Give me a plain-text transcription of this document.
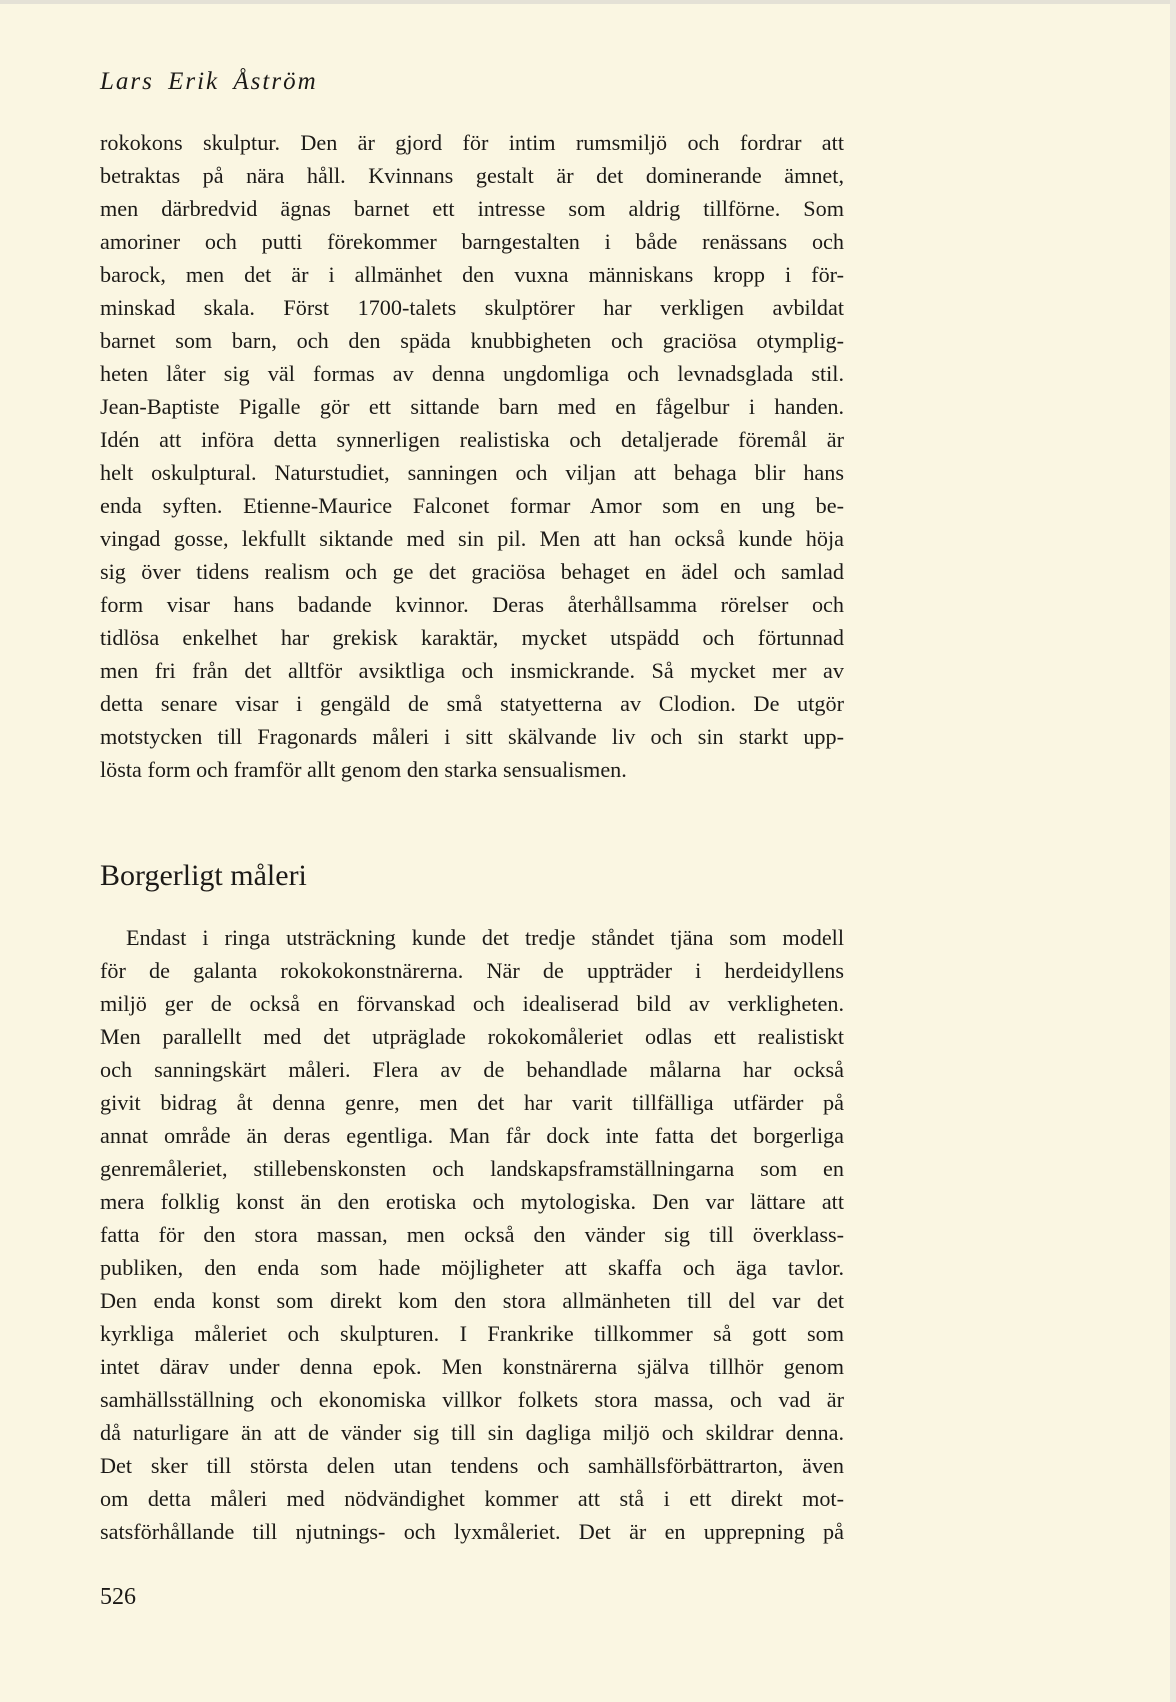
Lars Erik Åström
rokokons skulptur. Den är gjord för intim rumsmiljö och fordrar att
betraktas på nära håll. Kvinnans gestalt är det dominerande ämnet,
men därbredvid ägnas barnet ett intresse som aldrig tillförne. Som
amoriner och putti förekommer barngestalten i både renässans och
barock, men det är i allmänhet den vuxna människans kropp i för-
minskad skala. Först 1700-talets skulptörer har verkligen avbildat
barnet som barn, och den späda knubbigheten och graciösa otymplig-
heten låter sig väl formas av denna ungdomliga och levnadsglada stil.
Jean-Baptiste Pigalle gör ett sittande barn med en fågelbur i handen.
Idén att införa detta synnerligen realistiska och detaljerade föremål är
helt oskulptural. Naturstudiet, sanningen och viljan att behaga blir hans
enda syften. Etienne-Maurice Falconet formar Amor som en ung be-
vingad gosse, lekfullt siktande med sin pil. Men att han också kunde höja
sig över tidens realism och ge det graciösa behaget en ädel och samlad
form visar hans badande kvinnor. Deras återhållsamma rörelser och
tidlösa enkelhet har grekisk karaktär, mycket utspädd och förtunnad
men fri från det alltför avsiktliga och insmickrande. Så mycket mer av
detta senare visar i gengäld de små statyetterna av Clodion. De utgör
motstycken till Fragonards måleri i sitt skälvande liv och sin starkt upp-
lösta form och framför allt genom den starka sensualismen.
Borgerligt måleri
Endast i ringa utsträckning kunde det tredje ståndet tjäna som modell
för de galanta rokokokonstnärerna. När de uppträder i herdeidyllens
miljö ger de också en förvanskad och idealiserad bild av verkligheten.
Men parallellt med det utpräglade rokokomåleriet odlas ett realistiskt
och sanningskärt måleri. Flera av de behandlade målarna har också
givit bidrag åt denna genre, men det har varit tillfälliga utfärder på
annat område än deras egentliga. Man får dock inte fatta det borgerliga
genremåleriet, stillebenskonsten och landskapsframställningarna som en
mera folklig konst än den erotiska och mytologiska. Den var lättare att
fatta för den stora massan, men också den vänder sig till överklass-
publiken, den enda som hade möjligheter att skaffa och äga tavlor.
Den enda konst som direkt kom den stora allmänheten till del var det
kyrkliga måleriet och skulpturen. I Frankrike tillkommer så gott som
intet därav under denna epok. Men konstnärerna själva tillhör genom
samhällsställning och ekonomiska villkor folkets stora massa, och vad är
då naturligare än att de vänder sig till sin dagliga miljö och skildrar denna.
Det sker till största delen utan tendens och samhällsförbättrarton, även
om detta måleri med nödvändighet kommer att stå i ett direkt mot-
satsförhållande till njutnings- och lyxmåleriet. Det är en upprepning på
526
